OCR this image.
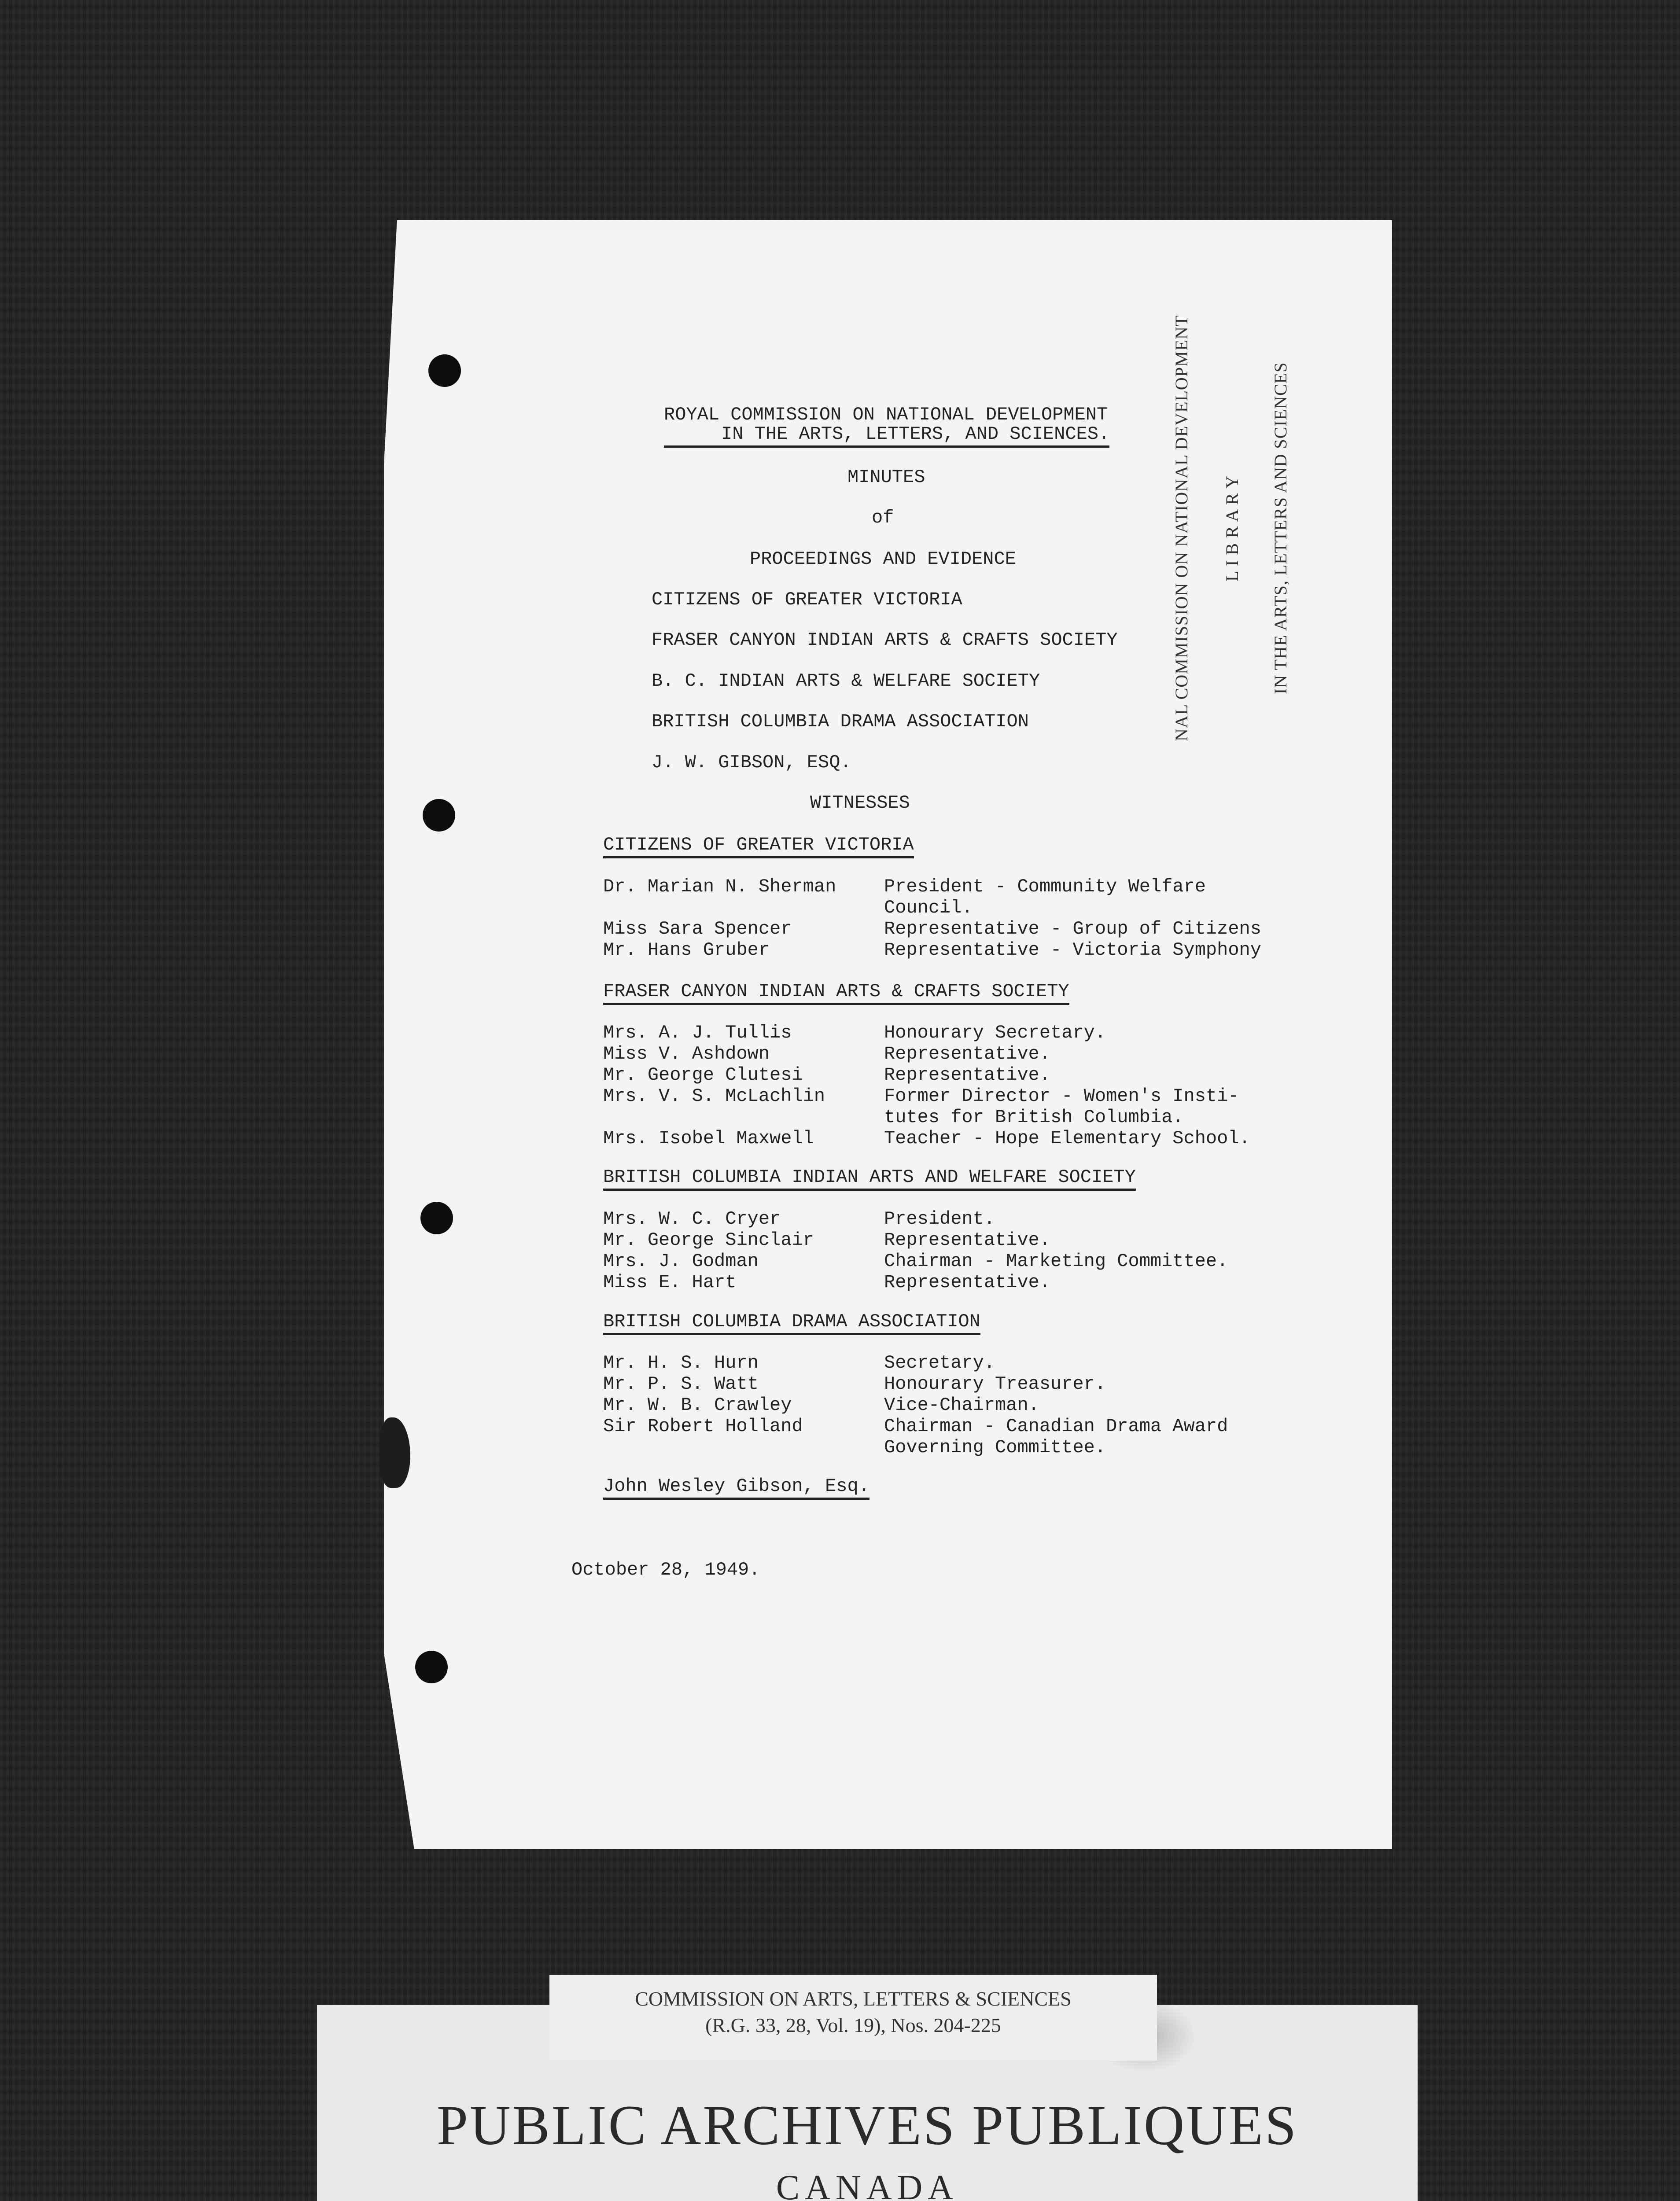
ROYAL COMMISSION ON NATIONAL DEVELOPMENT
IN THE ARTS, LETTERS, AND SCIENCES.
MINUTES
of
PROCEEDINGS AND EVIDENCE
CITIZENS OF GREATER VICTORIA
FRASER CANYON INDIAN ARTS & CRAFTS SOCIETY
B. C. INDIAN ARTS & WELFARE SOCIETY
BRITISH COLUMBIA DRAMA ASSOCIATION
J. W. GIBSON, ESQ.
WITNESSES
CITIZENS OF GREATER VICTORIA
Dr. Marian N. Sherman	President - Community Welfare
Council.
Miss Sara Spencer	Representative - Group of Citizens
Mr. Hans Gruber	Representative - Victoria Symphony
FRASER CANYON INDIAN ARTS & CRAFTS SOCIETY
Mrs. A. J. Tullis	Honourary Secretary.
Miss V. Ashdown	Representative.
Mr. George Clutesi	Representative.
Mrs. V. S. McLachlin	Former Director - Women's Insti-
tutes for British Columbia.
Mrs. Isobel Maxwell	Teacher - Hope Elementary School.
BRITISH COLUMBIA INDIAN ARTS AND WELFARE SOCIETY
Mrs. W. C. Cryer	President.
Mr. George Sinclair	Representative.
Mrs. J. Godman	Chairman - Marketing Committee.
Miss E. Hart	Representative.
BRITISH COLUMBIA DRAMA ASSOCIATION
Mr. H. S. Hurn	Secretary.
Mr. P. S. Watt	Honourary Treasurer.
Mr. W. B. Crawley	Vice-Chairman.
Sir Robert Holland	Chairman - Canadian Drama Award
Governing Committee.
John Wesley Gibson, Esq.
October 28, 1949.
NAL COMMISSION ON NATIONAL DEVELOPMENT	L I B R A R Y	IN THE ARTS, LETTERS AND SCIENCES
PUBLIC ARCHIVES PUBLIQUES
CANADA
COMMISSION ON ARTS, LETTERS & SCIENCES
(R.G. 33, 28, Vol. 19), Nos. 204-225
